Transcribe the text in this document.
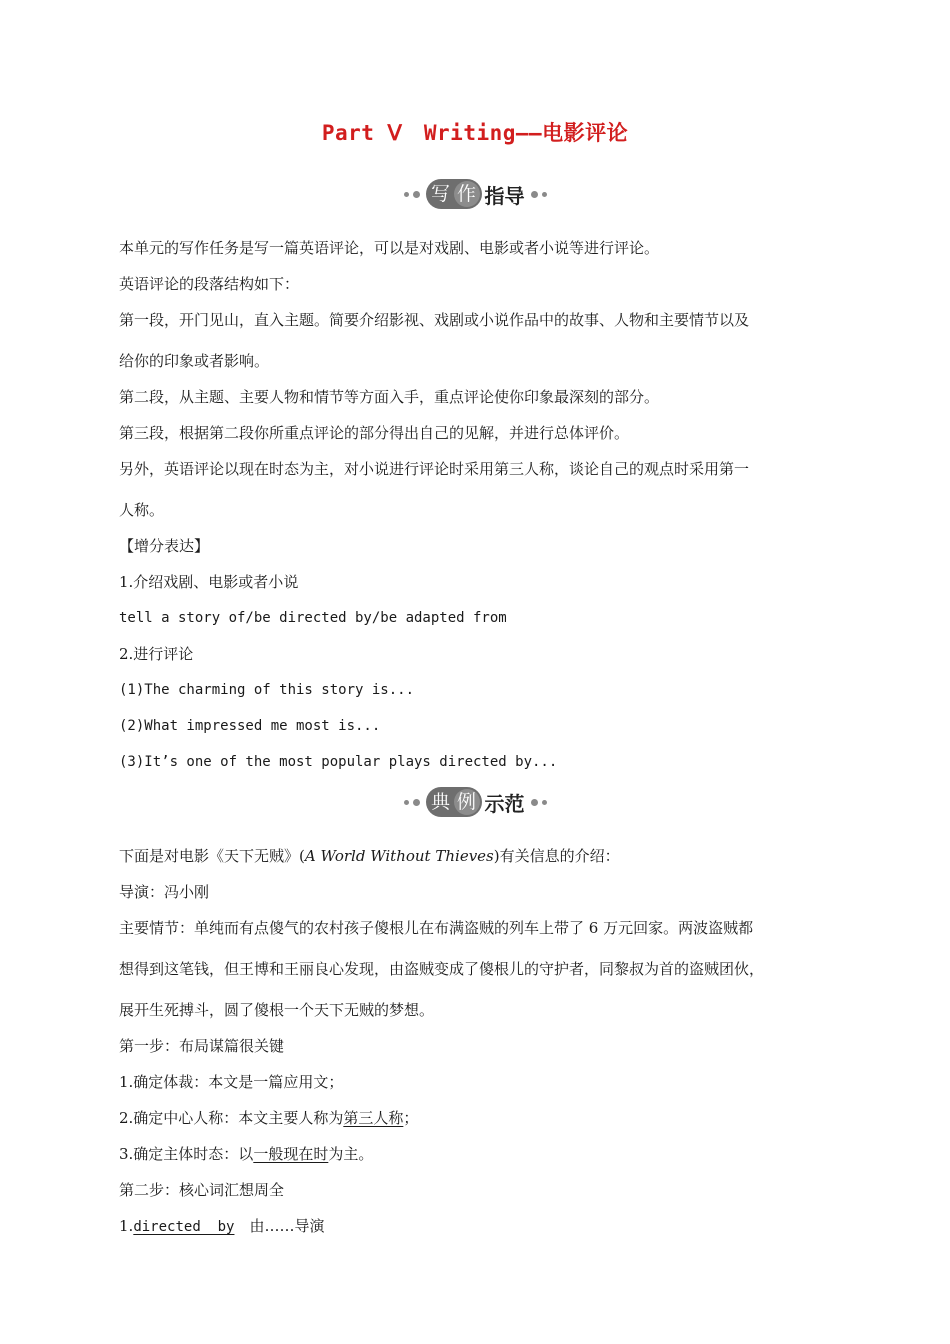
Part Ⅴ　Writing——电影评论
写 作 指导
本单元的写作任务是写一篇英语评论，可以是对戏剧、电影或者小说等进行评论。
英语评论的段落结构如下：
第一段，开门见山，直入主题。简要介绍影视、戏剧或小说作品中的故事、人物和主要情节以及
给你的印象或者影响。
第二段，从主题、主要人物和情节等方面入手，重点评论使你印象最深刻的部分。
第三段，根据第二段你所重点评论的部分得出自己的见解，并进行总体评价。
另外，英语评论以现在时态为主，对小说进行评论时采用第三人称，谈论自己的观点时采用第一
人称。
【增分表达】
1.介绍戏剧、电影或者小说
tell a story of/be directed by/be adapted from
2.进行评论
(1)The charming of this story is...
(2)What impressed me most is...
(3)It’s one of the most popular plays directed by...
典 例 示范
下面是对电影《天下无贼》(A World Without Thieves)有关信息的介绍：
导演：冯小刚
主要情节：单纯而有点傻气的农村孩子傻根儿在布满盗贼的列车上带了 6 万元回家。两波盗贼都
想得到这笔钱，但王博和王丽良心发现，由盗贼变成了傻根儿的守护者，同黎叔为首的盗贼团伙，
展开生死搏斗，圆了傻根一个天下无贼的梦想。
第一步：布局谋篇很关键
1.确定体裁：本文是一篇应用文；
2.确定中心人称：本文主要人称为第三人称；
3.确定主体时态：以一般现在时为主。
第二步：核心词汇想周全
1.directed  by　由……导演
